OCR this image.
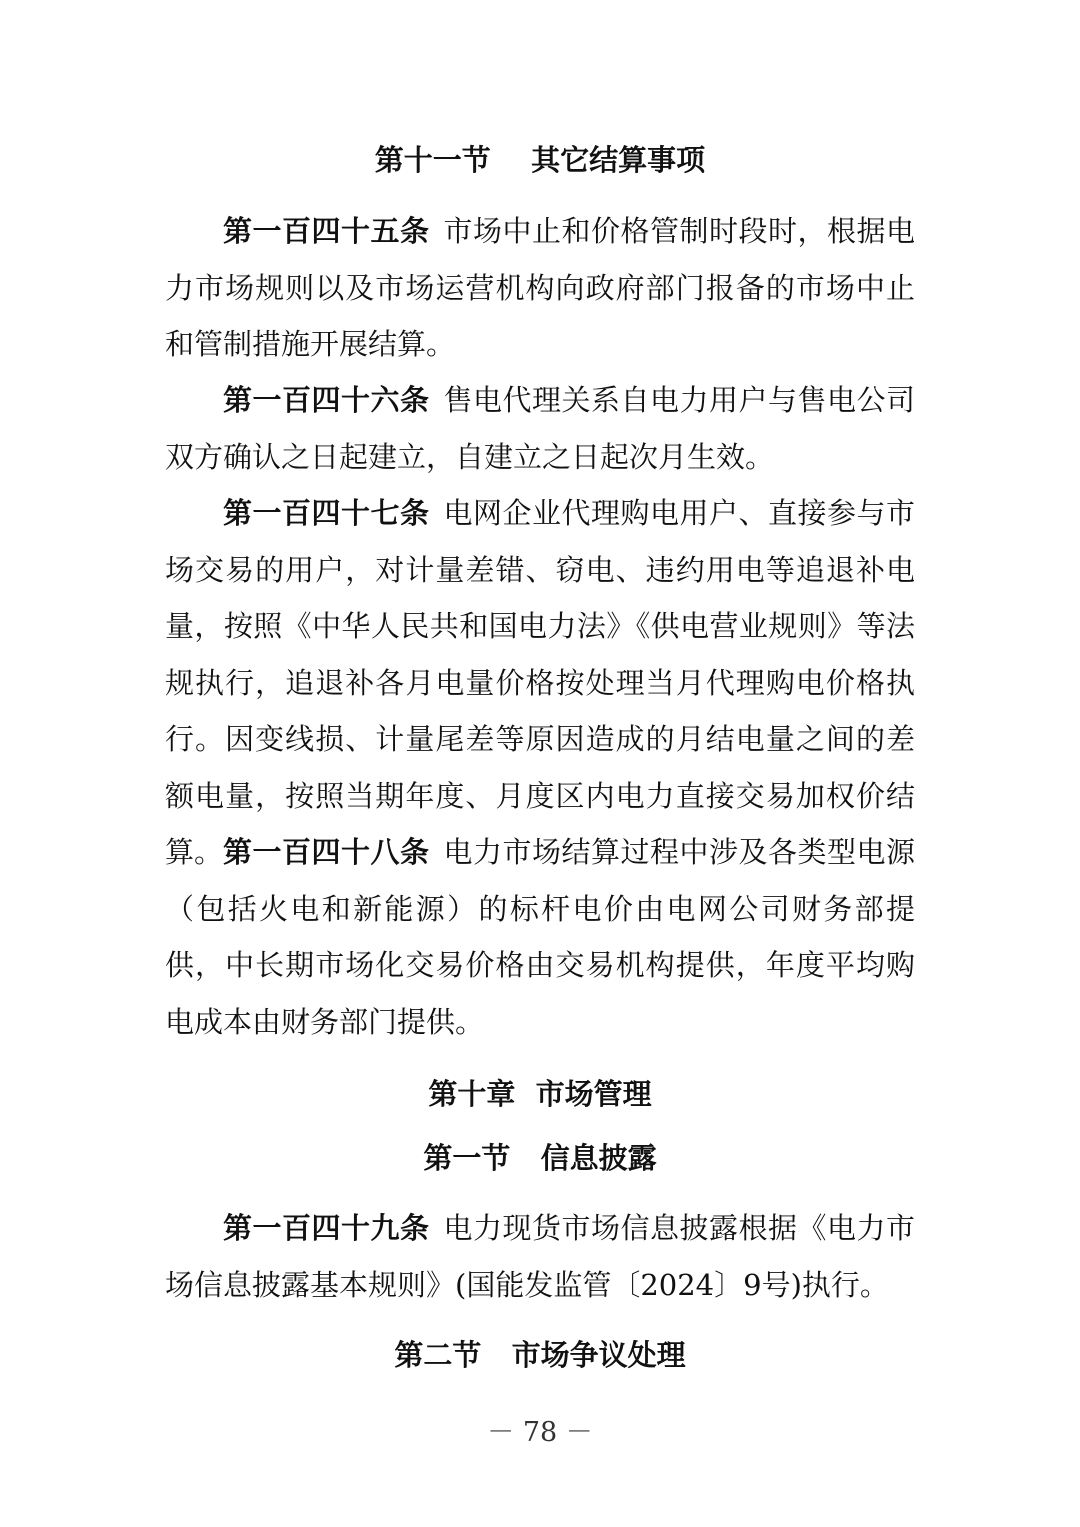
第十一节    其它结算事项

第一百四十五条 市场中止和价格管制时段时，根据电力市场规则以及市场运营机构向政府部门报备的市场中止和管制措施开展结算。

第一百四十六条 售电代理关系自电力用户与售电公司双方确认之日起建立，自建立之日起次月生效。

第一百四十七条 电网企业代理购电用户、直接参与市场交易的用户，对计量差错、窃电、违约用电等追退补电量，按照《中华人民共和国电力法》《供电营业规则》等法规执行，追退补各月电量价格按处理当月代理购电价格执行。因变线损、计量尾差等原因造成的月结电量之间的差额电量，按照当期年度、月度区内电力直接交易加权价结算。 第一百四十八条 电力市场结算过程中涉及各类型电源（包括火电和新能源）的标杆电价由电网公司财务部提供，中长期市场化交易价格由交易机构提供，年度平均购电成本由财务部门提供。

第十章  市场管理
第一节   信息披露

第一百四十九条 电力现货市场信息披露根据《电力市场信息披露基本规则》(国能发监管〔2024〕9号)执行。

第二节   市场争议处理
－ 78 －
